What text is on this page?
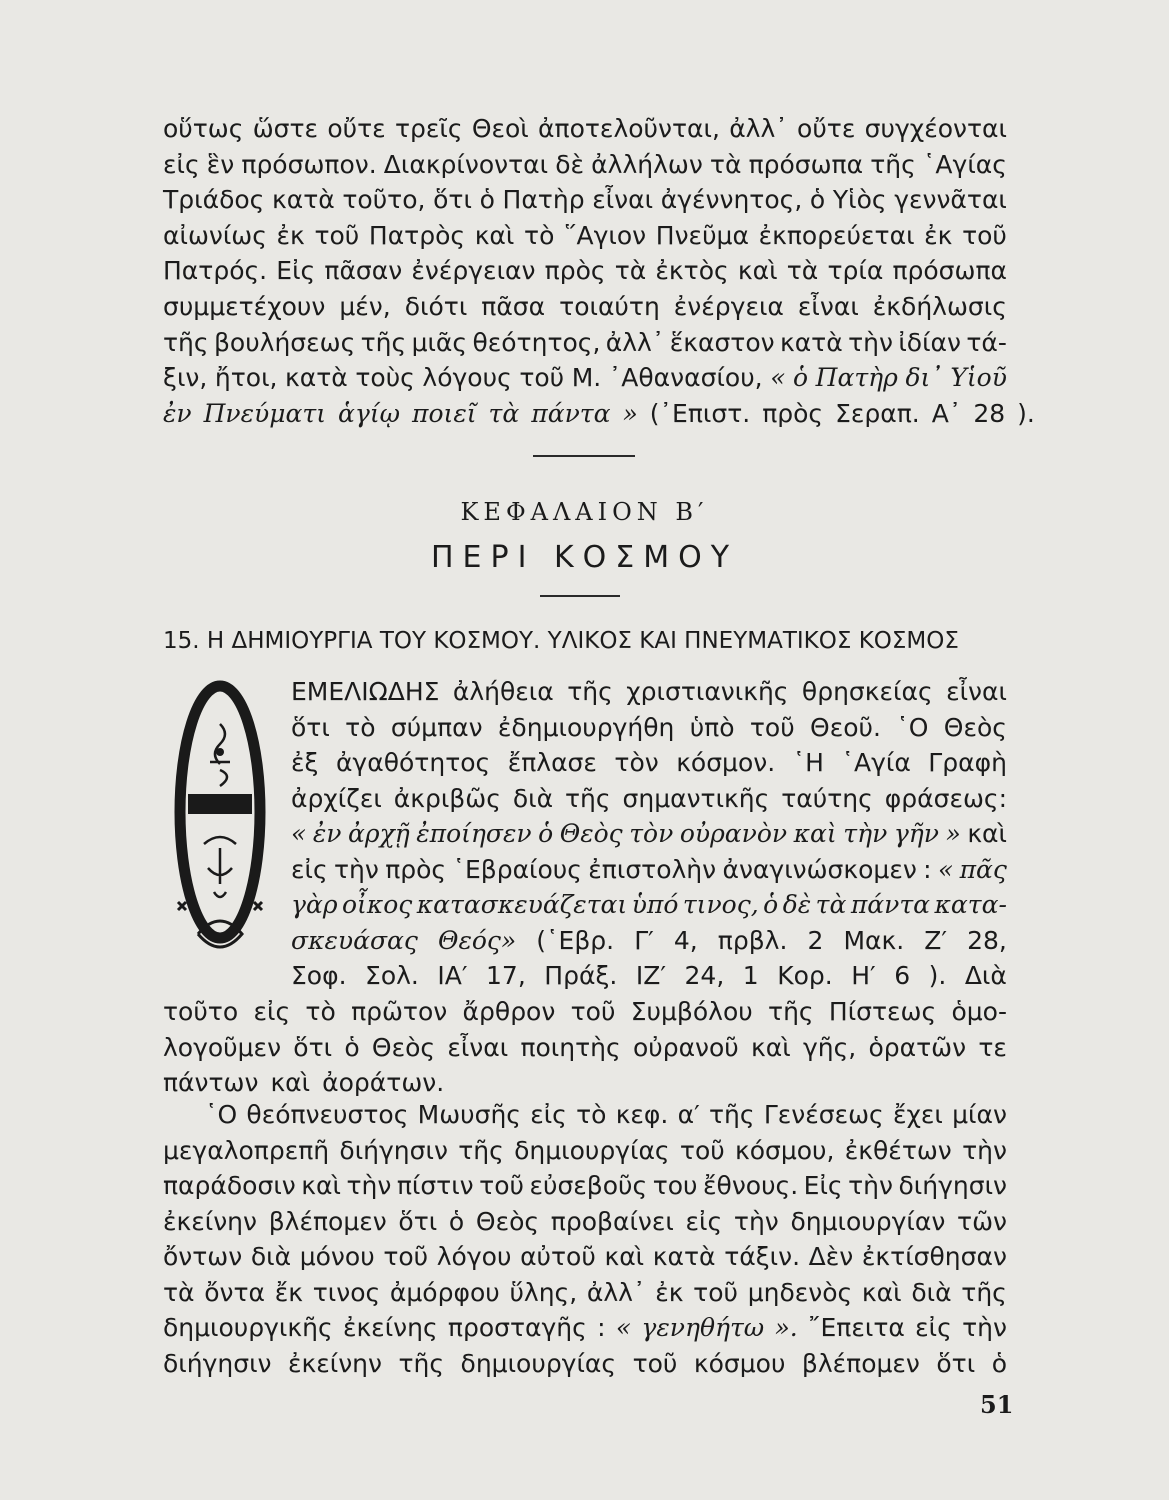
οὕτως ὥστε οὔτε τρεῖς Θεοὶ ἀποτελοῦνται, ἀλλ᾽ οὔτε συγχέονται
εἰς ἓν πρόσωπον. Διακρίνονται δὲ ἀλλήλων τὰ πρόσωπα τῆς ῾Αγίας
Τριάδος κατὰ τοῦτο, ὅτι ὁ Πατὴρ εἶναι ἀγέννητος, ὁ Υἱὸς γεννᾶται
αἰωνίως ἐκ τοῦ Πατρὸς καὶ τὸ ῞Αγιον Πνεῦμα ἐκπορεύεται ἐκ τοῦ
Πατρός. Εἰς πᾶσαν ἐνέργειαν πρὸς τὰ ἐκτὸς καὶ τὰ τρία πρόσωπα
συμμετέχουν μέν, διότι πᾶσα τοιαύτη ἐνέργεια εἶναι ἐκδήλωσις
τῆς βουλήσεως τῆς μιᾶς θεότητος, ἀλλ᾽ ἕκαστον κατὰ τὴν ἰδίαν τά-
ξιν, ἤτοι, κατὰ τοὺς λόγους τοῦ Μ. ᾽Αθανασίου, « ὁ Πατὴρ δι᾽ Υἱοῦ
ἐν Πνεύματι ἁγίῳ ποιεῖ τὰ πάντα » (᾽Επιστ. πρὸς Σεραπ. Α᾽ 28 ).
ΚΕΦΑΛΑΙΟΝ Β′
ΠΕΡΙ ΚΟΣΜΟΥ
15. Η ΔΗΜΙΟΥΡΓΙΑ ΤΟΥ ΚΟΣΜΟΥ. ΥΛΙΚΟΣ ΚΑΙ ΠΝΕΥΜΑΤΙΚΟΣ ΚΟΣΜΟΣ
ΕΜΕΛΙΩΔΗΣ ἀλήθεια τῆς χριστιανικῆς θρησκείας εἶναι
ὅτι τὸ σύμπαν ἐδημιουργήθη ὑπὸ τοῦ Θεοῦ. ῾Ο Θεὸς
ἐξ ἀγαθότητος ἔπλασε τὸν κόσμον. ῾Η ῾Αγία Γραφὴ
ἀρχίζει ἀκριβῶς διὰ τῆς σημαντικῆς ταύτης φράσεως:
« ἐν ἀρχῇ ἐποίησεν ὁ Θεὸς τὸν οὐρανὸν καὶ τὴν γῆν » καὶ
εἰς τὴν πρὸς ῾Εβραίους ἐπιστολὴν ἀναγινώσκομεν : « πᾶς
γὰρ οἶκος κατασκευάζεται ὑπό τινος, ὁ δὲ τὰ πάντα κατα-
σκευάσας Θεός» (῾Εβρ. Γ′ 4, πρβλ. 2 Μακ. Ζ′ 28,
Σοφ. Σολ. ΙΑ′ 17, Πράξ. ΙΖ′ 24, 1 Κορ. Η′ 6 ). Διὰ
τοῦτο εἰς τὸ πρῶτον ἄρθρον τοῦ Συμβόλου τῆς Πίστεως ὁμο-
λογοῦμεν ὅτι ὁ Θεὸς εἶναι ποιητὴς οὐρανοῦ καὶ γῆς, ὁρατῶν τε
πάντων καὶ ἀοράτων.
῾Ο θεόπνευστος Μωυσῆς εἰς τὸ κεφ. α′ τῆς Γενέσεως ἔχει μίαν
μεγαλοπρεπῆ διήγησιν τῆς δημιουργίας τοῦ κόσμου, ἐκθέτων τὴν
παράδοσιν καὶ τὴν πίστιν τοῦ εὐσεβοῦς του ἔθνους. Εἰς τὴν διήγησιν
ἐκείνην βλέπομεν ὅτι ὁ Θεὸς προβαίνει εἰς τὴν δημιουργίαν τῶν
ὄντων διὰ μόνου τοῦ λόγου αὐτοῦ καὶ κατὰ τάξιν. Δὲν ἐκτίσθησαν
τὰ ὄντα ἔκ τινος ἀμόρφου ὕλης, ἀλλ᾽ ἐκ τοῦ μηδενὸς καὶ διὰ τῆς
δημιουργικῆς ἐκείνης προσταγῆς : « γενηθήτω ». ῎Επειτα εἰς τὴν
διήγησιν ἐκείνην τῆς δημιουργίας τοῦ κόσμου βλέπομεν ὅτι ὁ
51
